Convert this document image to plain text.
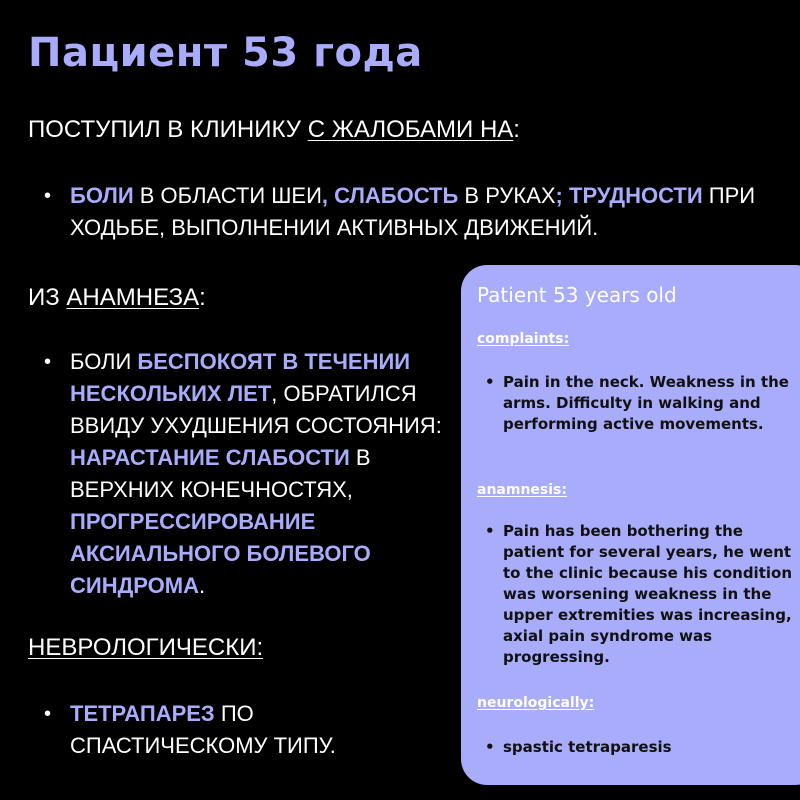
Пациент 53 года
ПОСТУПИЛ В КЛИНИКУ С ЖАЛОБАМИ НА:
• БОЛИ В ОБЛАСТИ ШЕИ, СЛАБОСТЬ В РУКАХ; ТРУДНОСТИ ПРИ ХОДЬБЕ, ВЫПОЛНЕНИИ АКТИВНЫХ ДВИЖЕНИЙ.
ИЗ АНАМНЕЗА:
• БОЛИ БЕСПОКОЯТ В ТЕЧЕНИИ НЕСКОЛЬКИХ ЛЕТ, ОБРАТИЛСЯ ВВИДУ УХУДШЕНИЯ СОСТОЯНИЯ: НАРАСТАНИЕ СЛАБОСТИ В ВЕРХНИХ КОНЕЧНОСТЯХ, ПРОГРЕССИРОВАНИЕ АКСИАЛЬНОГО БОЛЕВОГО СИНДРОМА.
НЕВРОЛОГИЧЕСКИ:
• ТЕТРАПАРЕЗ ПО СПАСТИЧЕСКОМУ ТИПУ.
Patient 53 years old
complaints:
• Pain in the neck. Weakness in the arms. Difficulty in walking and performing active movements.
anamnesis:
• Pain has been bothering the patient for several years, he went to the clinic because his condition was worsening weakness in the upper extremities was increasing, axial pain syndrome was progressing.
neurologically:
• spastic tetraparesis
